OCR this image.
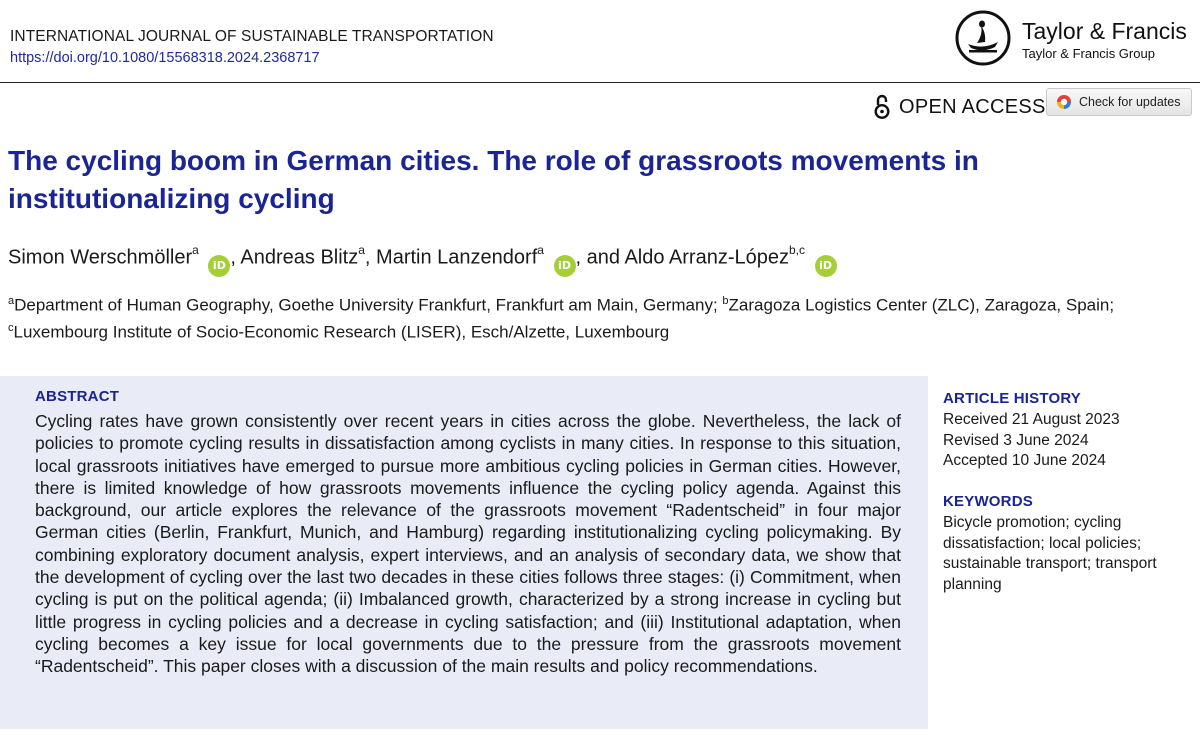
INTERNATIONAL JOURNAL OF SUSTAINABLE TRANSPORTATION
https://doi.org/10.1080/15568318.2024.2368717
Taylor & Francis
Taylor & Francis Group
OPEN ACCESS	Check for updates
The cycling boom in German cities. The role of grassroots movements in institutionalizing cycling
Simon Werschmöller$^a$ iD , Andreas Blitz$^a$, Martin Lanzendorf$^a$ iD , and Aldo Arranz-López$^{b,c}$ iD
$^a$Department of Human Geography, Goethe University Frankfurt, Frankfurt am Main, Germany; $^b$Zaragoza Logistics Center (ZLC), Zaragoza, Spain; $^c$Luxembourg Institute of Socio-Economic Research (LISER), Esch/Alzette, Luxembourg
ABSTRACT

Cycling rates have grown consistently over recent years in cities across the globe. Nevertheless, the lack of policies to promote cycling results in dissatisfaction among cyclists in many cities. In response to this situation, local grassroots initiatives have emerged to pursue more ambitious cycling policies in German cities. However, there is limited knowledge of how grassroots movements influence the cycling policy agenda. Against this background, our article explores the relevance of the grassroots movement “Radentscheid” in four major German cities (Berlin, Frankfurt, Munich, and Hamburg) regarding institutionalizing cycling policymaking. By combining exploratory document analysis, expert interviews, and an analysis of secondary data, we show that the development of cycling over the last two decades in these cities follows three stages: (i) Commitment, when cycling is put on the political agenda; (ii) Imbalanced growth, characterized by a strong increase in cycling but little progress in cycling policies and a decrease in cycling satisfaction; and (iii) Institutional adaptation, when cycling becomes a key issue for local governments due to the pressure from the grassroots movement “Radentscheid”. This paper closes with a discussion of the main results and policy recommendations.

ARTICLE HISTORY
Received 21 August 2023
Revised 3 June 2024
Accepted 10 June 2024
KEYWORDS

Bicycle promotion; cycling dissatisfaction; local policies; sustainable transport; transport planning
